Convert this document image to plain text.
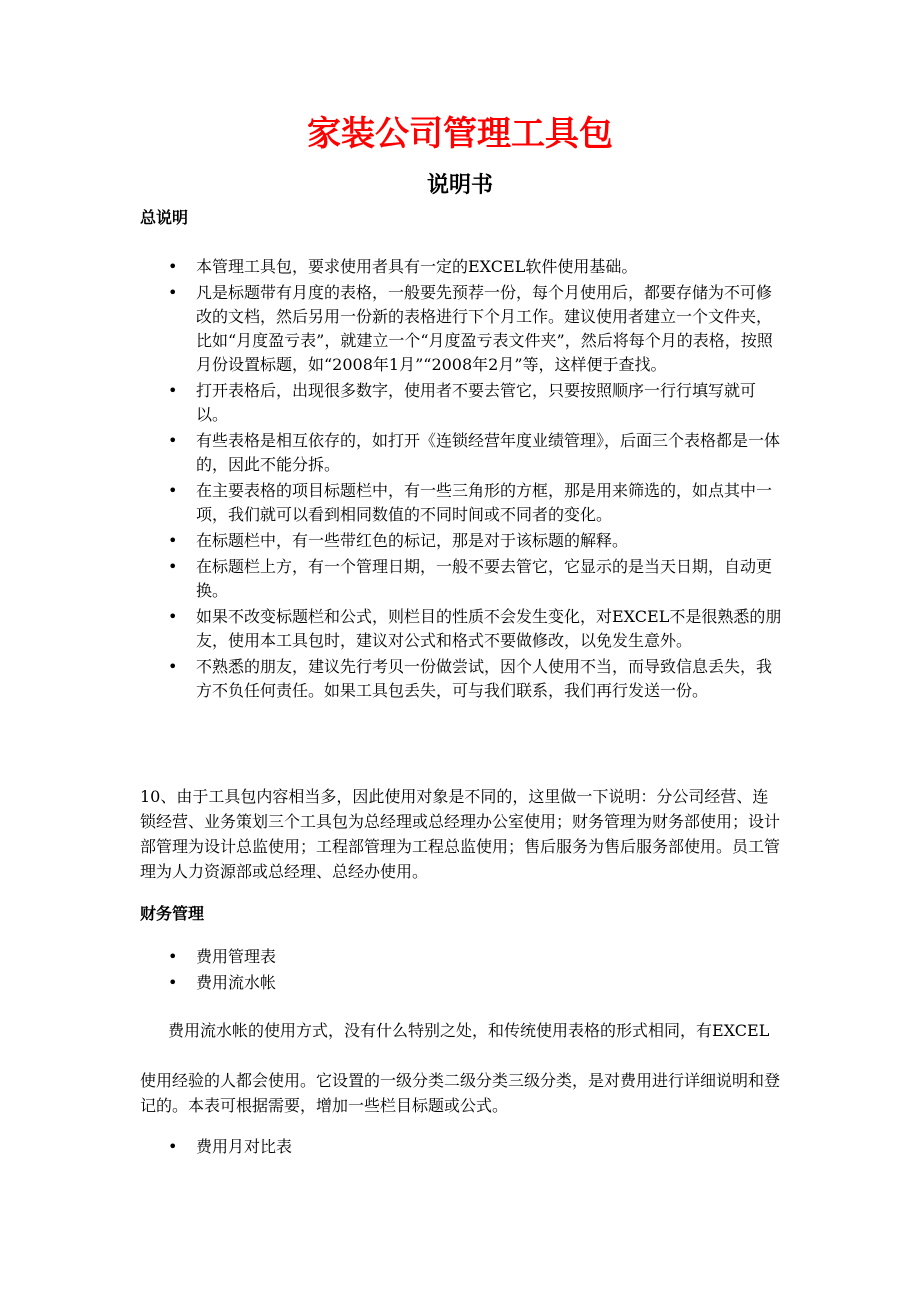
家装公司管理工具包
说明书
总说明
• 本管理工具包，要求使用者具有一定的EXCEL软件使用基础。
• 凡是标题带有月度的表格，一般要先预荐一份，每个月使用后，都要存储为不可修改的文档，然后另用一份新的表格进行下个月工作。建议使用者建立一个文件夹，比如“月度盈亏表”，就建立一个“月度盈亏表文件夹”，然后将每个月的表格，按照月份设置标题，如“2008年1月”“2008年2月”等，这样便于查找。
• 打开表格后，出现很多数字，使用者不要去管它，只要按照顺序一行行填写就可以。
• 有些表格是相互依存的，如打开《连锁经营年度业绩管理》，后面三个表格都是一体的，因此不能分拆。
• 在主要表格的项目标题栏中，有一些三角形的方框，那是用来筛选的，如点其中一项，我们就可以看到相同数值的不同时间或不同者的变化。
• 在标题栏中，有一些带红色的标记，那是对于该标题的解释。
• 在标题栏上方，有一个管理日期，一般不要去管它，它显示的是当天日期，自动更换。
• 如果不改变标题栏和公式，则栏目的性质不会发生变化，对EXCEL不是很熟悉的朋友，使用本工具包时，建议对公式和格式不要做修改，以免发生意外。
• 不熟悉的朋友，建议先行考贝一份做尝试，因个人使用不当，而导致信息丢失，我方不负任何责任。如果工具包丢失，可与我们联系，我们再行发送一份。

10、由于工具包内容相当多，因此使用对象是不同的，这里做一下说明：分公司经营、连锁经营、业务策划三个工具包为总经理或总经理办公室使用；财务管理为财务部使用；设计部管理为设计总监使用；工程部管理为工程总监使用；售后服务为售后服务部使用。员工管理为人力资源部或总经理、总经办使用。

财务管理
• 费用管理表
• 费用流水帐

费用流水帐的使用方式，没有什么特别之处，和传统使用表格的形式相同，有EXCEL

使用经验的人都会使用。它设置的一级分类二级分类三级分类，是对费用进行详细说明和登记的。本表可根据需要，增加一些栏目标题或公式。

• 费用月对比表
